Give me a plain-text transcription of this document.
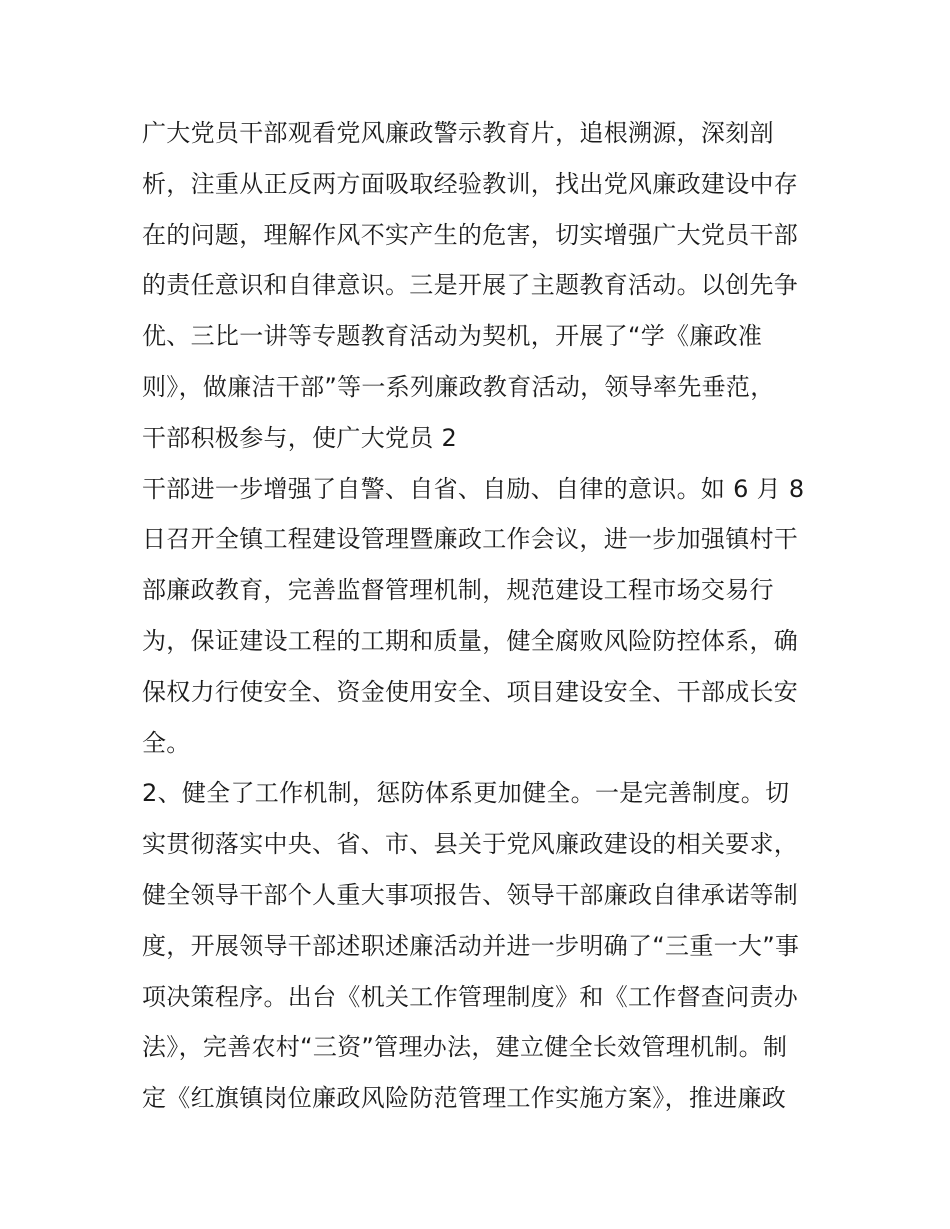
广大党员干部观看党风廉政警示教育片，追根溯源，深刻剖
析，注重从正反两方面吸取经验教训，找出党风廉政建设中存
在的问题，理解作风不实产生的危害，切实增强广大党员干部
的责任意识和自律意识。三是开展了主题教育活动。以创先争
优、三比一讲等专题教育活动为契机，开展了“学《廉政准
则》，做廉洁干部”等一系列廉政教育活动，领导率先垂范，
干部积极参与，使广大党员 2
干部进一步增强了自警、自省、自励、自律的意识。如 6 月 8
日召开全镇工程建设管理暨廉政工作会议，进一步加强镇村干
部廉政教育，完善监督管理机制，规范建设工程市场交易行
为，保证建设工程的工期和质量，健全腐败风险防控体系，确
保权力行使安全、资金使用安全、项目建设安全、干部成长安
全。
2、健全了工作机制，惩防体系更加健全。一是完善制度。切
实贯彻落实中央、省、市、县关于党风廉政建设的相关要求，
健全领导干部个人重大事项报告、领导干部廉政自律承诺等制
度，开展领导干部述职述廉活动并进一步明确了“三重一大”事
项决策程序。出台《机关工作管理制度》和《工作督查问责办
法》，完善农村“三资”管理办法，建立健全长效管理机制。制
定《红旗镇岗位廉政风险防范管理工作实施方案》，推进廉政
